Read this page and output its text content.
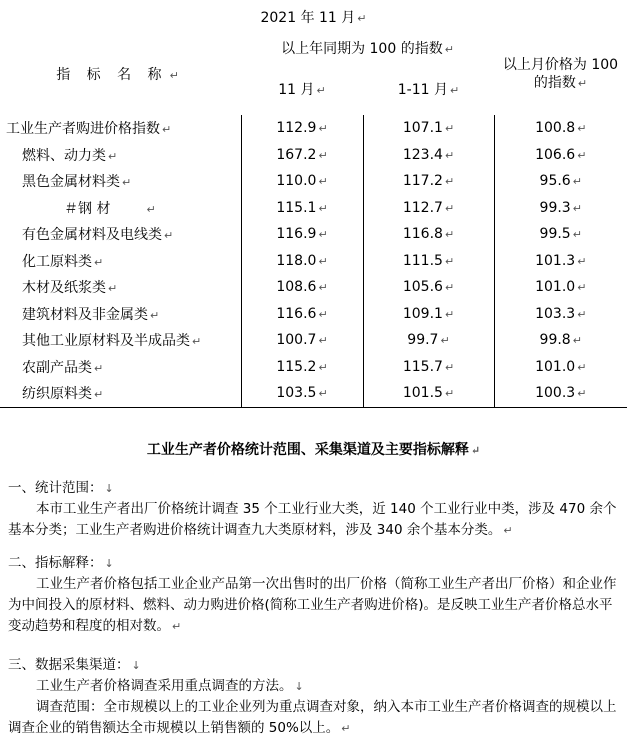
2021 年 11 月 ↵
指 标 名 称 ↵	以上年同期为 100 的指数 ↵		以上月价格为 100 的指数 ↵
	11 月 ↵	1-11 月 ↵	
工业生产者购进价格指数 ↵	112.9 ↵	107.1 ↵	100.8 ↵
燃料、动力类 ↵	167.2 ↵	123.4 ↵	106.6 ↵
黑色金属材料类 ↵	110.0 ↵	117.2 ↵	95.6 ↵
＃钢 材 ↵	115.1 ↵	112.7 ↵	99.3 ↵
有色金属材料及电线类 ↵	116.9 ↵	116.8 ↵	99.5 ↵
化工原料类 ↵	118.0 ↵	111.5 ↵	101.3 ↵
木材及纸浆类 ↵	108.6 ↵	105.6 ↵	101.0 ↵
建筑材料及非金属类 ↵	116.6 ↵	109.1 ↵	103.3 ↵
其他工业原材料及半成品类 ↵	100.7 ↵	99.7 ↵	99.8 ↵
农副产品类 ↵	115.2 ↵	115.7 ↵	101.0 ↵
纺织原料类 ↵	103.5 ↵	101.5 ↵	100.3 ↵
工业生产者价格统计范围、采集渠道及主要指标解释 ↵

一、统计范围： ↓

本市工业生产者出厂价格统计调查 35 个工业行业大类，近 140 个工业行业中类，涉及 470 余个基本分类；工业生产者购进价格统计调查九大类原材料，涉及 340 余个基本分类。 ↵

二、指标解释： ↓

工业生产者价格包括工业企业产品第一次出售时的出厂价格（简称工业生产者出厂价格）和企业作为中间投入的原材料、燃料、动力购进价格(简称工业生产者购进价格)。是反映工业生产者价格总水平变动趋势和程度的相对数。 ↵

三、数据采集渠道： ↓

工业生产者价格调查采用重点调查的方法。 ↓

调查范围：全市规模以上的工业企业列为重点调查对象，纳入本市工业生产者价格调查的规模以上调查企业的销售额达全市规模以上销售额的 50%以上。 ↵
